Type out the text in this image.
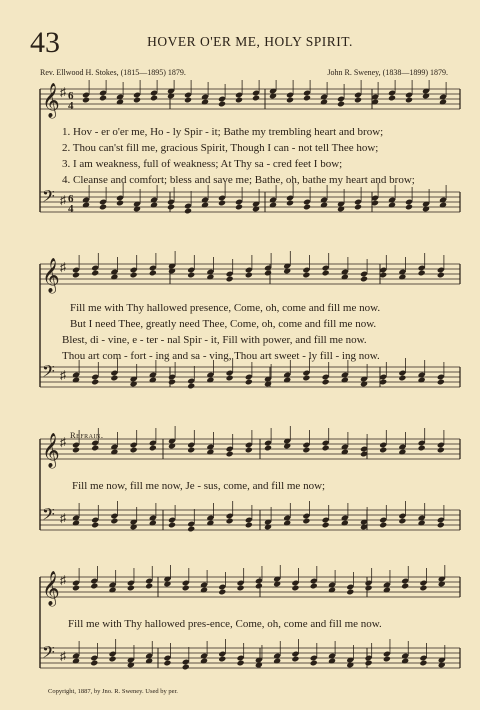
43	HOVER O'ER ME, HOLY SPIRIT.
Rev. Ellwood H. Stokes, (1815—1895) 1879.	John R. Sweney, (1838—1899) 1879.
𝄞 ♯ 6
4
𝄢 ♯ 6
4
1. Hov - er o'er me, Ho - ly Spir - it; Bathe my trembling heart and brow;
2. Thou can'st fill me, gracious Spirit, Though I can - not tell Thee how;
3. I am weakness, full of weakness; At Thy sa - cred feet I bow;
4. Cleanse and comfort; bless and save me; Bathe, oh, bathe my heart and brow;
𝄞 ♯
𝄢 ♯
Fill me with Thy hallowed presence, Come, oh, come and fill me now.
But I need Thee, greatly need Thee, Come, oh, come and fill me now.
Blest, di - vine, e - ter - nal Spir - it, Fill with power, and fill me now.
Thou art com - fort - ing and sa - ving, Thou art sweet - ly fill - ing now.
Refrain.
𝄞 ♯
𝄢 ♯
Fill me now, fill me now, Je - sus, come, and fill me now;
𝄞 ♯
𝄢 ♯
Fill me with Thy hallowed pres-ence, Come, oh, come and fill me now.
Copyright, 1887, by Jno. R. Sweney. Used by per.
